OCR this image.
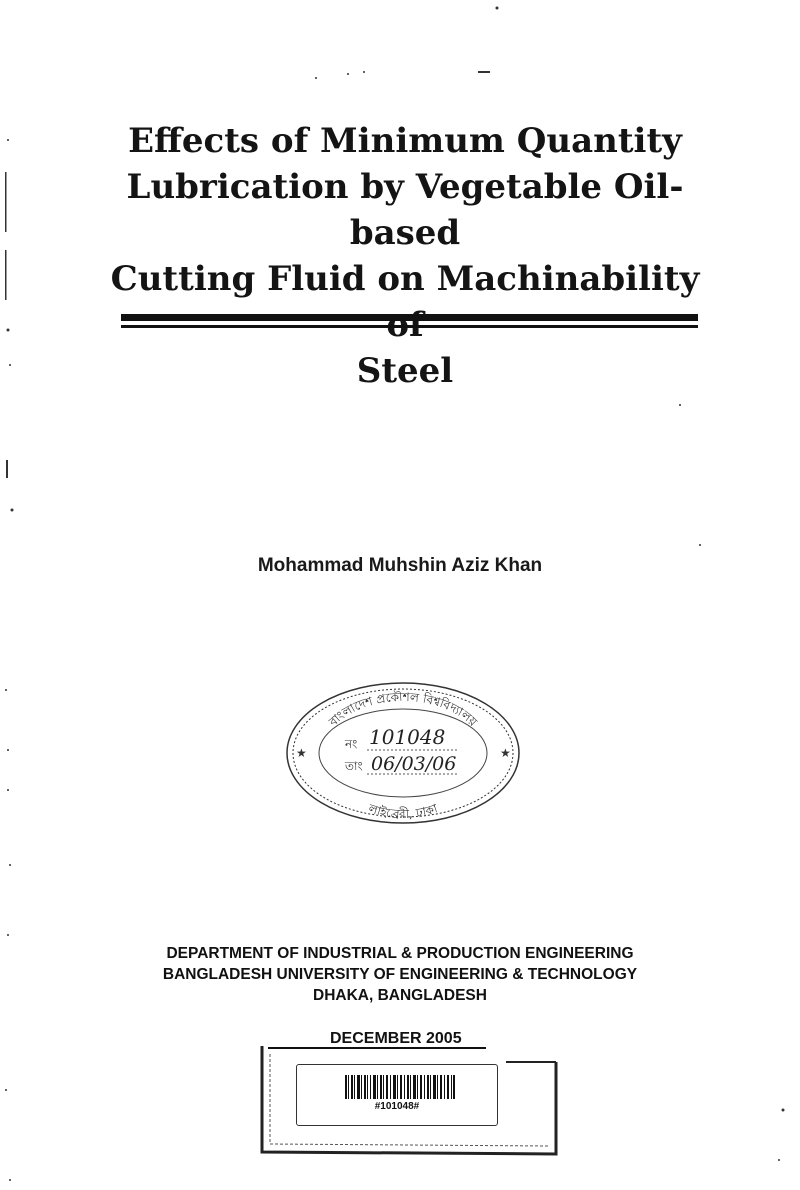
Effects of Minimum Quantity
Lubrication by Vegetable Oil-based
Cutting Fluid on Machinability
Steel
Mohammad Muhshin Aziz Khan
বাংলাদেশ প্রকৌশল বিশ্ববিদ্যালয়
লাইব্রেরী, ঢাকা
★	★
নং 101048
তাং 06/03/06
DEPARTMENT OF INDUSTRIAL & PRODUCTION ENGINEERING
BANGLADESH UNIVERSITY OF ENGINEERING & TECHNOLOGY
DHAKA, BANGLADESH
DECEMBER 2005
#101048#
